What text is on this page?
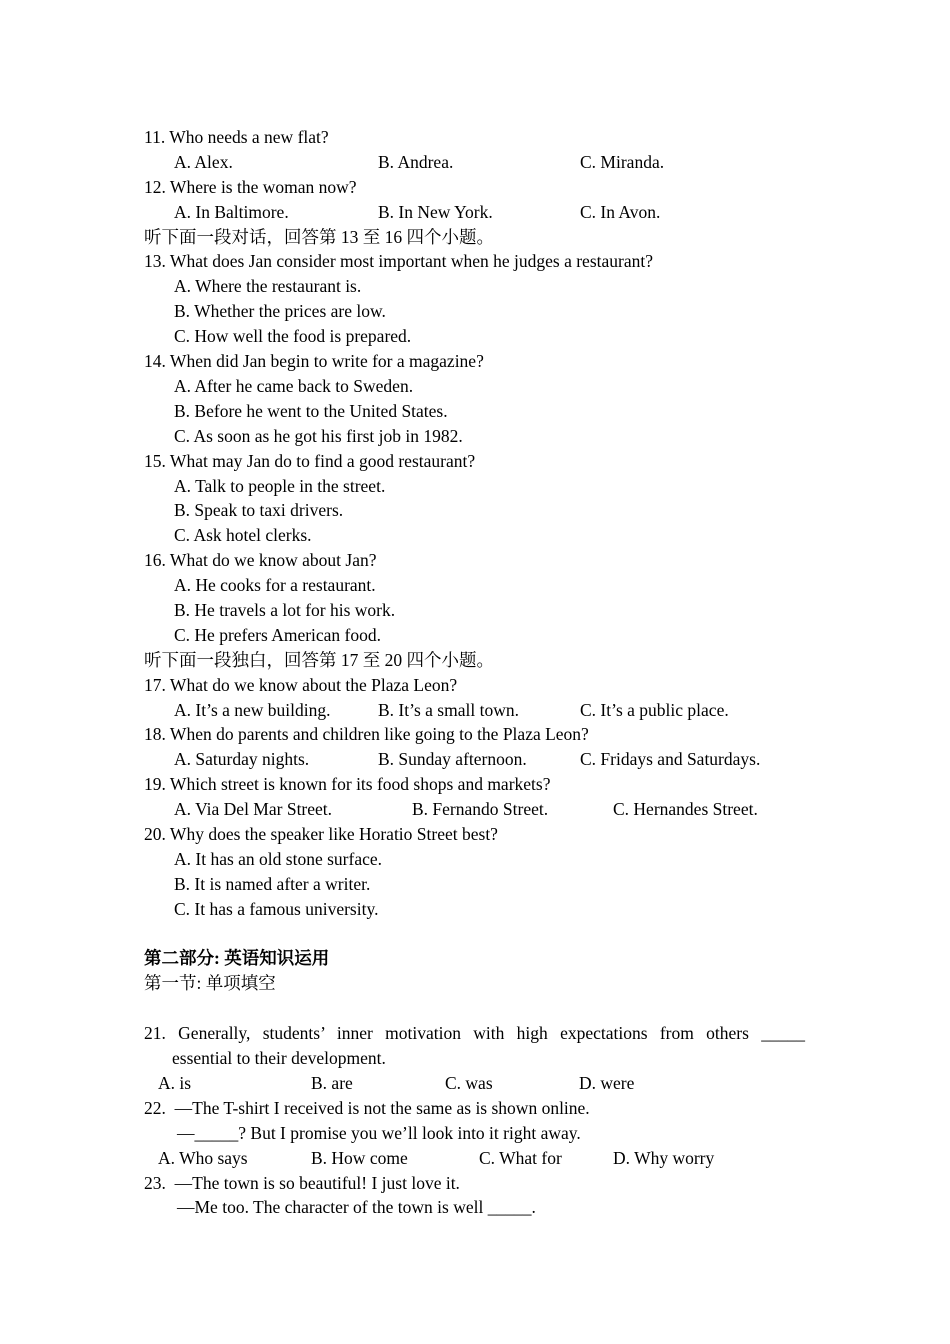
11. Who needs a new flat?
A. Alex.	B. Andrea.	C. Miranda.
12. Where is the woman now?
A. In Baltimore.	B. In New York.	C. In Avon.
听下面一段对话，回答第 13 至 16 四个小题。
13. What does Jan consider most important when he judges a restaurant?
A. Where the restaurant is.
B. Whether the prices are low.
C. How well the food is prepared.
14. When did Jan begin to write for a magazine?
A. After he came back to Sweden.
B. Before he went to the United States.
C. As soon as he got his first job in 1982.
15. What may Jan do to find a good restaurant?
A. Talk to people in the street.
B. Speak to taxi drivers.
C. Ask hotel clerks.
16. What do we know about Jan?
A. He cooks for a restaurant.
B. He travels a lot for his work.
C. He prefers American food.
听下面一段独白，回答第 17 至 20 四个小题。
17. What do we know about the Plaza Leon?
A. It’s a new building.	B. It’s a small town.	C. It’s a public place.
18. When do parents and children like going to the Plaza Leon?
A. Saturday nights.	B. Sunday afternoon.	C. Fridays and Saturdays.
19. Which street is known for its food shops and markets?
A. Via Del Mar Street.	B. Fernando Street.	C. Hernandes Street.
20. Why does the speaker like Horatio Street best?
A. It has an old stone surface.
B. It is named after a writer.
C. It has a famous university.
第二部分: 英语知识运用
第一节: 单项填空
21. Generally, students’ inner motivation with high expectations from others _____
essential to their development.
A. is	B. are	C. was	D. were
22.  —The T-shirt I received is not the same as is shown online.
—_____? But I promise you we’ll look into it right away.
A. Who says	B. How come	C. What for	D. Why worry
23.  —The town is so beautiful! I just love it.
—Me too. The character of the town is well _____.
